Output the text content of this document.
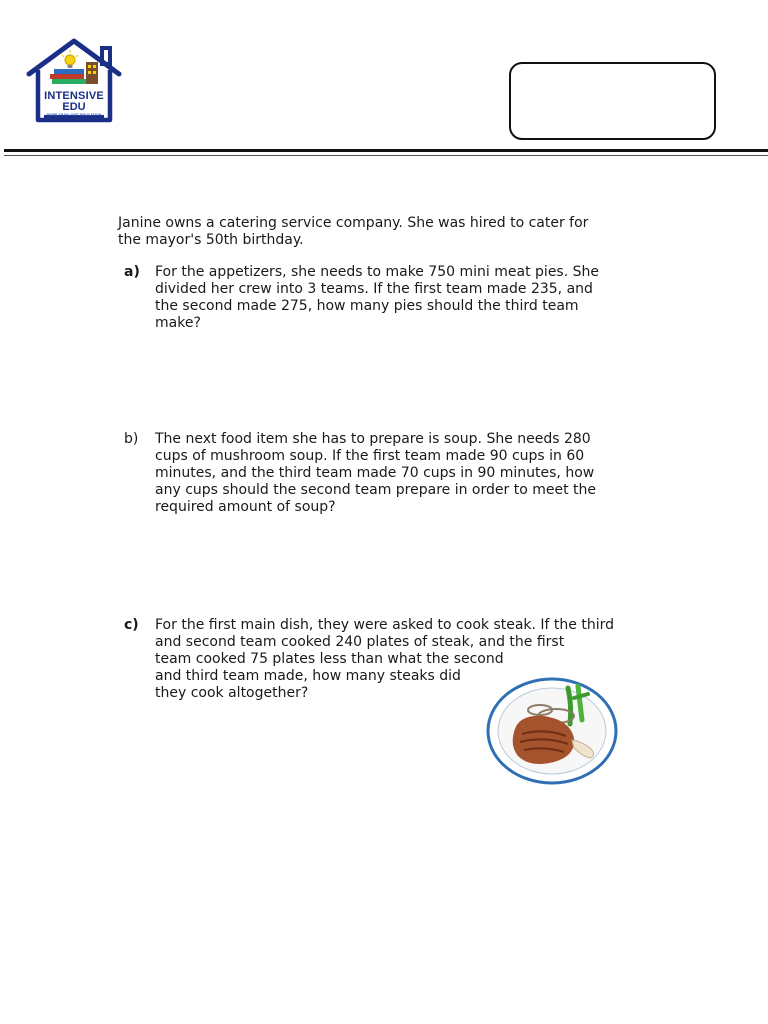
INTENSIVE
EDU
MORE THAN JUST EDUCATION

Janine owns a catering service company. She was hired to cater for
the mayor's 50th birthday.

a) For the appetizers, she needs to make 750 mini meat pies. She
divided her crew into 3 teams. If the first team made 235, and
the second made 275, how many pies should the third team
make?

b) The next food item she has to prepare is soup. She needs 280
cups of mushroom soup. If the first team made 90 cups in 60
minutes, and the third team made 70 cups in 90 minutes, how
any cups should the second team prepare in order to meet the
required amount of soup?

c) For the first main dish, they were asked to cook steak. If the third

and second team cooked 240 plates of steak, and the first

team cooked 75 plates less than what the second

and third team made, how many steaks did

they cook altogether?
